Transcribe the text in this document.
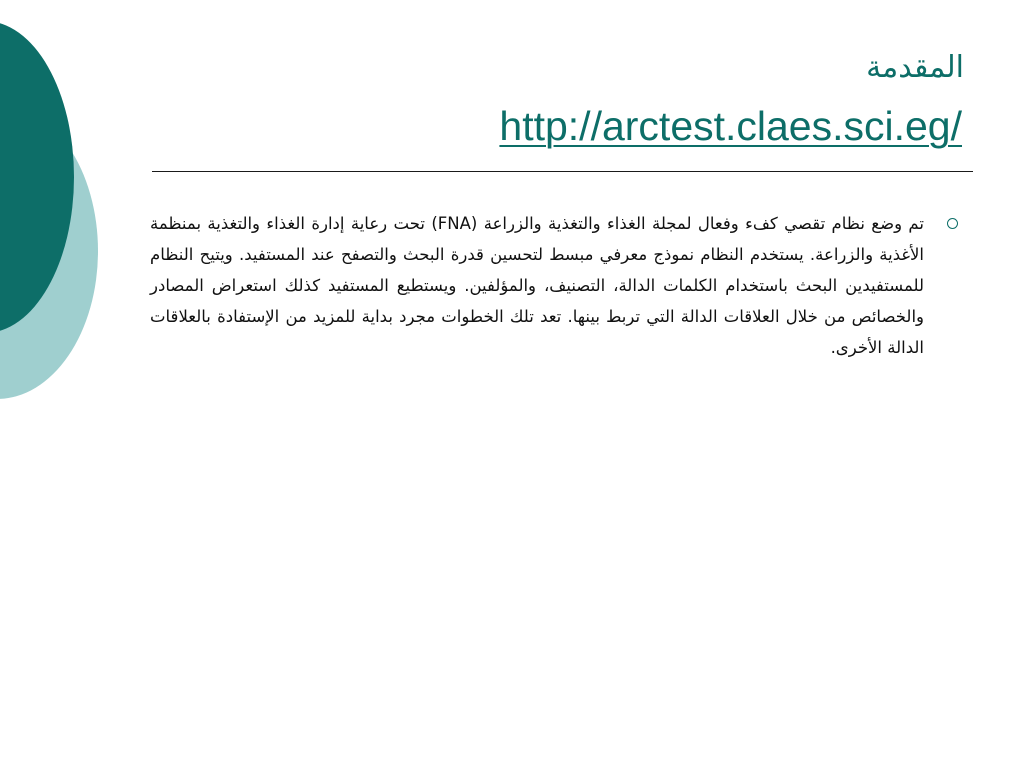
المقدمة
http://arctest.claes.sci.eg/
تم وضع نظام تقصي كفء وفعال لمجلة الغذاء والتغذية والزراعة (FNA) تحت رعاية إدارة الغذاء والتغذية بمنظمة الأغذية والزراعة. يستخدم النظام نموذج معرفي مبسط لتحسين قدرة البحث والتصفح عند المستفيد. ويتيح النظام للمستفيدين البحث باستخدام الكلمات الدالة، التصنيف، والمؤلفين. ويستطيع المستفيد كذلك استعراض المصادر والخصائص من خلال العلاقات الدالة التي تربط بينها. تعد تلك الخطوات مجرد بداية للمزيد من الإستفادة بالعلاقات الدالة الأخرى.
